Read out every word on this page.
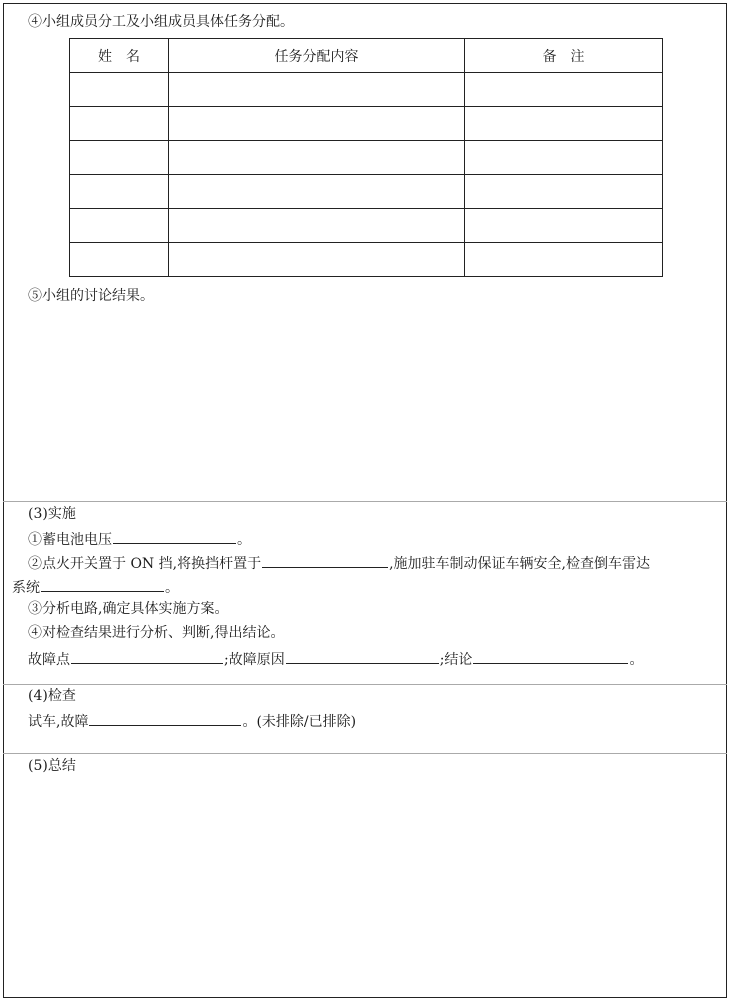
④小组成员分工及小组成员具体任务分配。
姓　名	任务分配内容	备　注

⑤小组的讨论结果。
(3)实施
①蓄电池电压	。
②点火开关置于 ON 挡,将换挡杆置于	,施加驻车制动保证车辆安全,检查倒车雷达
系统	。
③分析电路,确定具体实施方案。
④对检查结果进行分析、判断,得出结论。
故障点	;故障原因	;结论	。
(4)检查
试车,故障	。(未排除/已排除)
(5)总结
